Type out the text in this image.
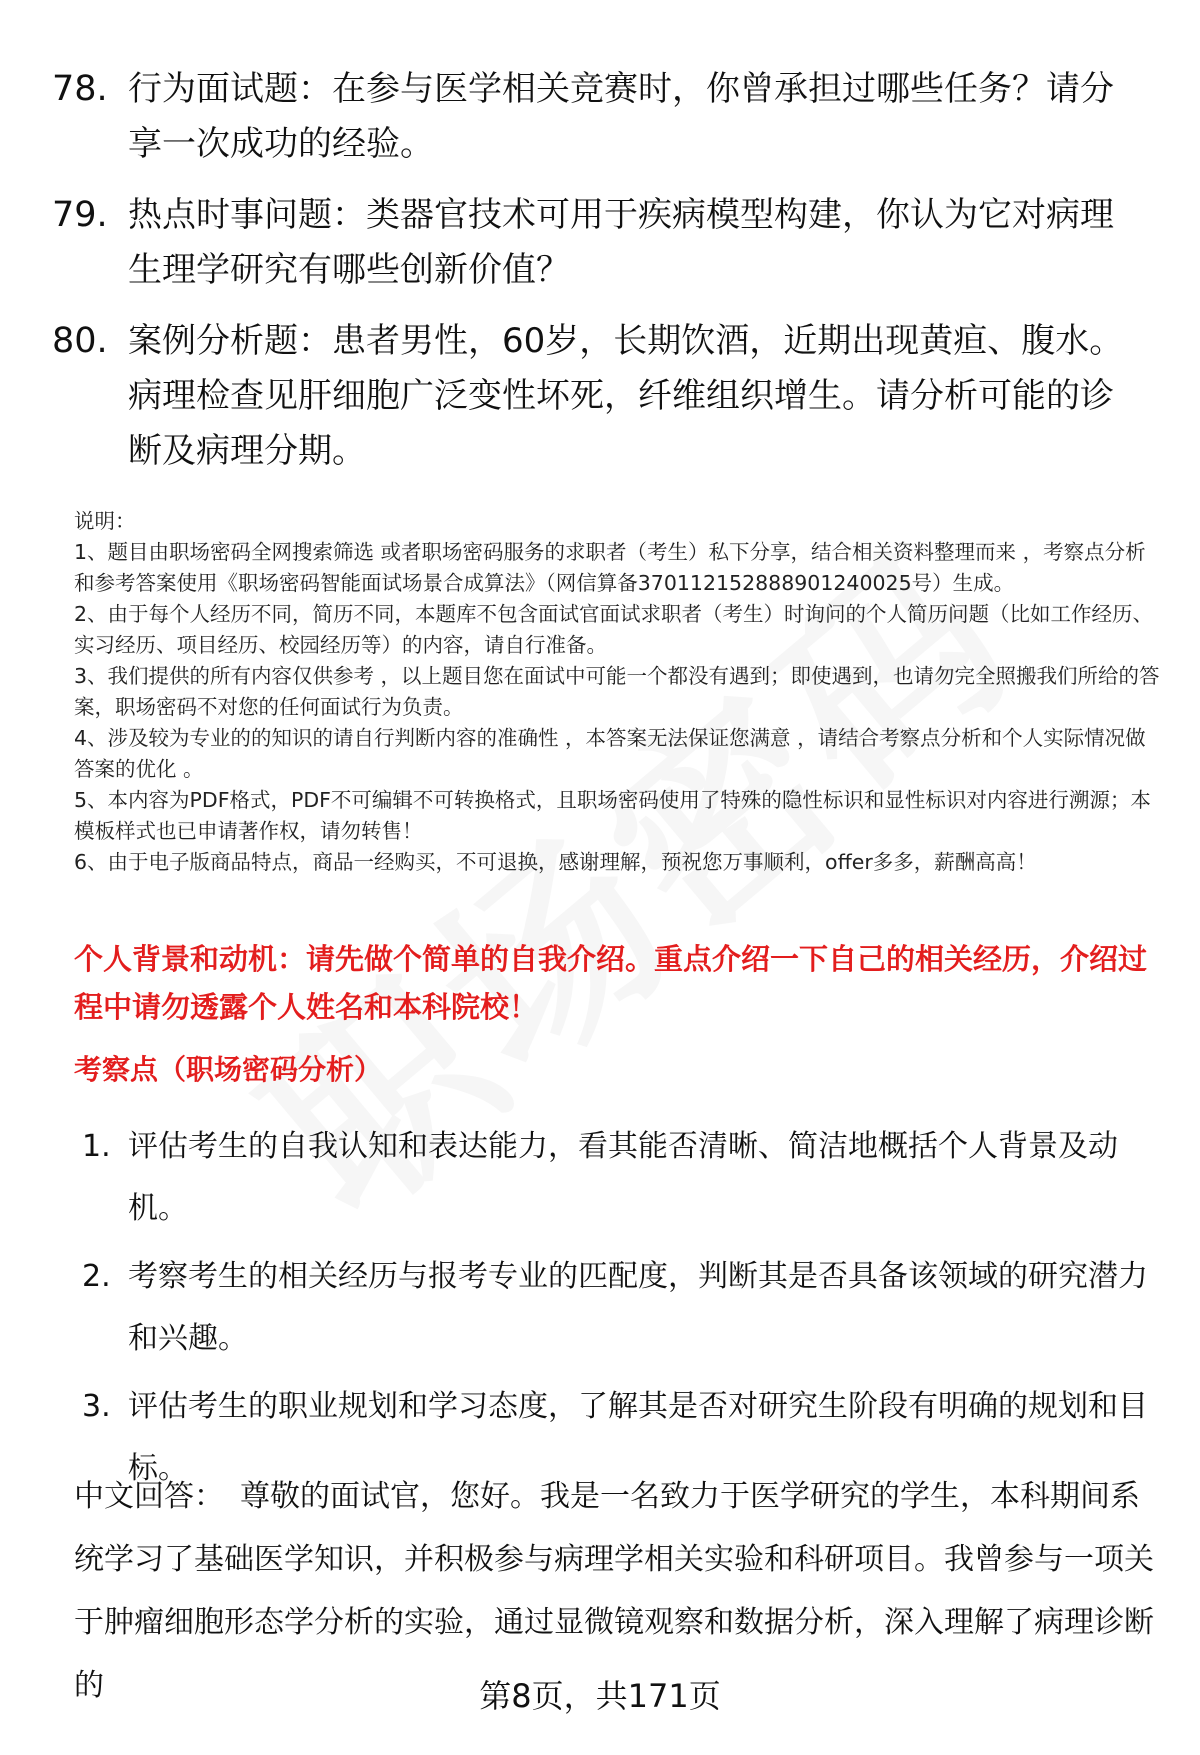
78. 行为面试题：在参与医学相关竞赛时，你曾承担过哪些任务？请分享一次成功的经验。
79. 热点时事问题：类器官技术可用于疾病模型构建，你认为它对病理生理学研究有哪些创新价值？
80. 案例分析题：患者男性，60岁，长期饮酒，近期出现黄疸、腹水。病理检查见肝细胞广泛变性坏死，纤维组织增生。请分析可能的诊断及病理分期。

说明：

1、题目由职场密码全网搜索筛选 或者职场密码服务的求职者（考生）私下分享，结合相关资料整理而来 ，考察点分析和参考答案使用《职场密码智能面试场景合成算法》（网信算备370112152888901240025号）生成。

2、由于每个人经历不同，简历不同，本题库不包含面试官面试求职者（考生）时询问的个人简历问题（比如工作经历、实习经历、项目经历、校园经历等）的内容，请自行准备。

3、我们提供的所有内容仅供参考 ，以上题目您在面试中可能一个都没有遇到；即使遇到，也请勿完全照搬我们所给的答案，职场密码不对您的任何面试行为负责。

4、涉及较为专业的的知识的请自行判断内容的准确性 ，本答案无法保证您满意 ，请结合考察点分析和个人实际情况做答案的优化 。

5、本内容为PDF格式，PDF不可编辑不可转换格式，且职场密码使用了特殊的隐性标识和显性标识对内容进行溯源；本模板样式也已申请著作权，请勿转售！

6、由于电子版商品特点，商品一经购买，不可退换，感谢理解，预祝您万事顺利，offer多多，薪酬高高！

个人背景和动机：请先做个简单的自我介绍。重点介绍一下自己的相关经历，介绍过程中请勿透露个人姓名和本科院校！
考察点（职场密码分析）
1. 评估考生的自我认知和表达能力，看其能否清晰、简洁地概括个人背景及动机。
2. 考察考生的相关经历与报考专业的匹配度，判断其是否具备该领域的研究潜力和兴趣。
3. 评估考生的职业规划和学习态度，了解其是否对研究生阶段有明确的规划和目标。
中文回答： 尊敬的面试官，您好。我是一名致力于医学研究的学生，本科期间系统学习了基础医学知识，并积极参与病理学相关实验和科研项目。我曾参与一项关于肿瘤细胞形态学分析的实验，通过显微镜观察和数据分析，深入理解了病理诊断的	第8页，共171页
